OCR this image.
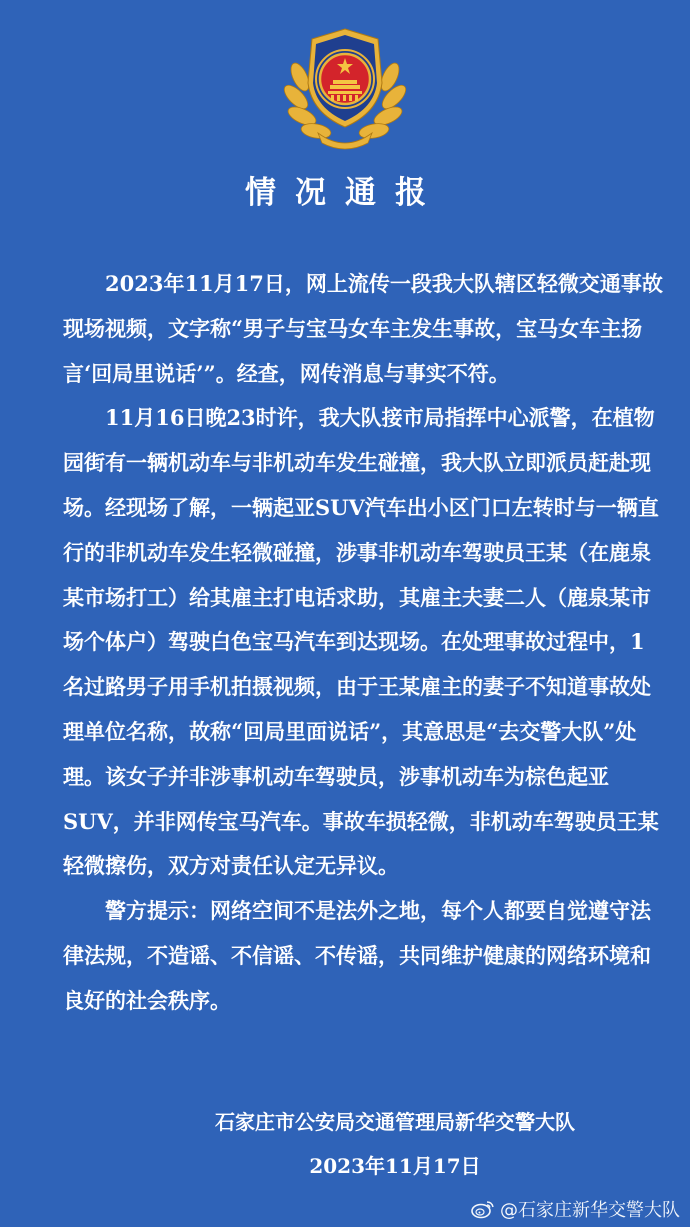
情况通报

2023年11月17日，网上流传一段我大队辖区轻微交通事故现场视频，文字称“男子与宝马女车主发生事故，宝马女车主扬言‘回局里说话’”。经查，网传消息与事实不符。

11月16日晚23时许，我大队接市局指挥中心派警，在植物园街有一辆机动车与非机动车发生碰撞，我大队立即派员赶赴现场。经现场了解，一辆起亚SUV汽车出小区门口左转时与一辆直行的非机动车发生轻微碰撞，涉事非机动车驾驶员王某（在鹿泉某市场打工）给其雇主打电话求助，其雇主夫妻二人（鹿泉某市场个体户）驾驶白色宝马汽车到达现场。在处理事故过程中，1名过路男子用手机拍摄视频，由于王某雇主的妻子不知道事故处理单位名称，故称“回局里面说话”，其意思是“去交警大队”处理。该女子并非涉事机动车驾驶员，涉事机动车为棕色起亚SUV，并非网传宝马汽车。事故车损轻微，非机动车驾驶员王某轻微擦伤，双方对责任认定无异议。

警方提示：网络空间不是法外之地，每个人都要自觉遵守法律法规，不造谣、不信谣、不传谣，共同维护健康的网络环境和良好的社会秩序。

石家庄市公安局交通管理局新华交警大队
2023年11月17日
@石家庄新华交警大队
